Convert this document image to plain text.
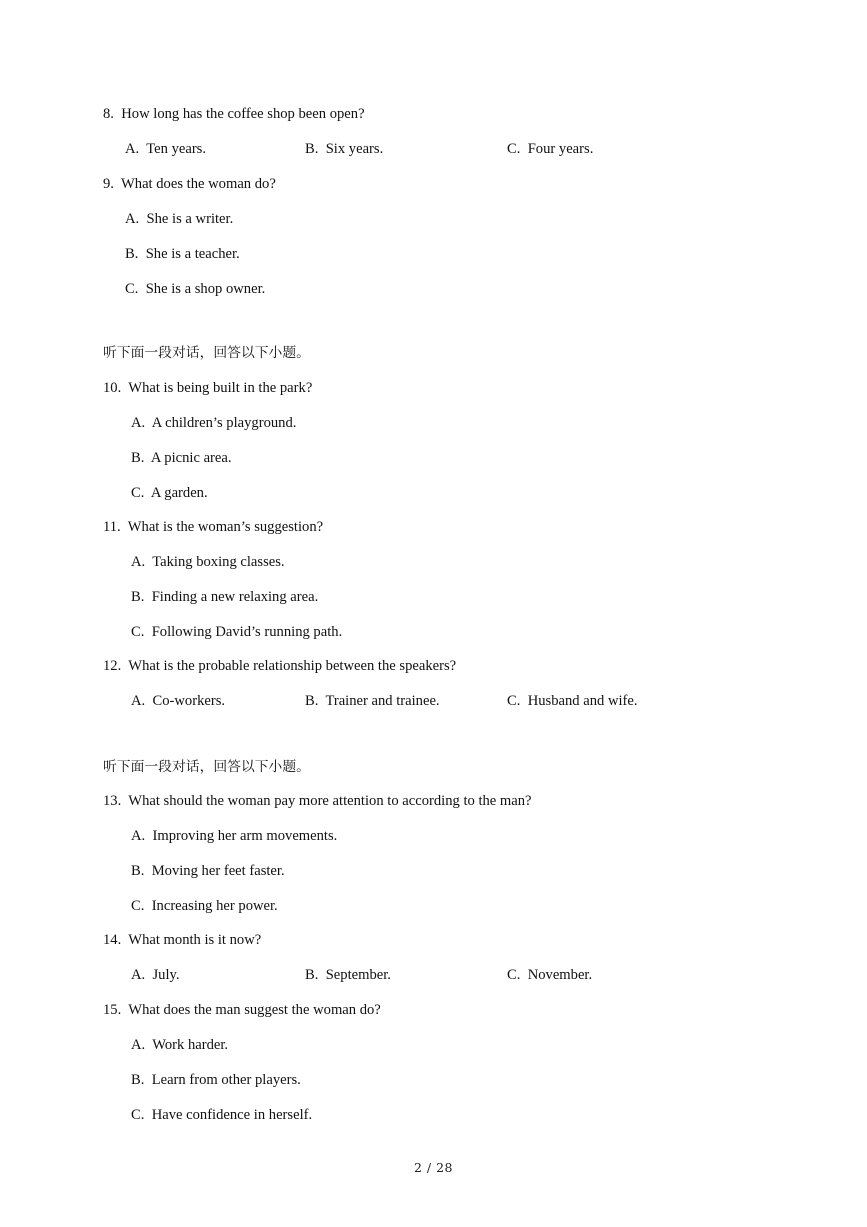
8. How long has the coffee shop been open?
A. Ten years.	B. Six years.	C. Four years.
9. What does the woman do?
A. She is a writer.
B. She is a teacher.
C. She is a shop owner.
听下面一段对话，回答以下小题。
10. What is being built in the park?
A. A children’s playground.
B. A picnic area.
C. A garden.
11. What is the woman’s suggestion?
A. Taking boxing classes.
B. Finding a new relaxing area.
C. Following David’s running path.
12. What is the probable relationship between the speakers?
A. Co-workers.	B. Trainer and trainee.	C. Husband and wife.
听下面一段对话，回答以下小题。
13. What should the woman pay more attention to according to the man?
A. Improving her arm movements.
B. Moving her feet faster.
C. Increasing her power.
14. What month is it now?
A. July.	B. September.	C. November.
15. What does the man suggest the woman do?
A. Work harder.
B. Learn from other players.
C. Have confidence in herself.
2 / 28
